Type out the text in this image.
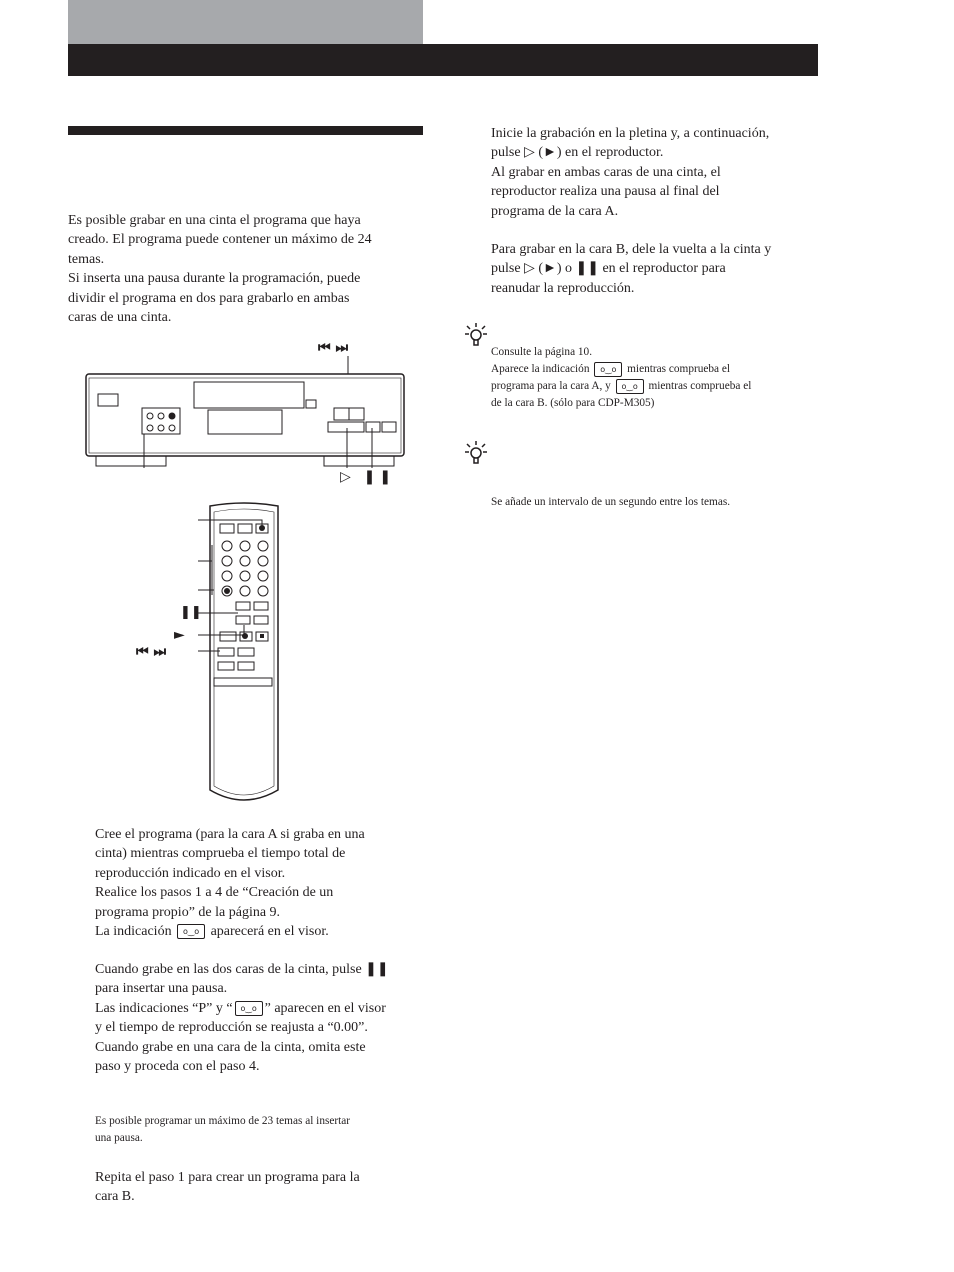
Es posible grabar en una cinta el programa que haya

creado. El programa puede contener un máximo de 24

temas.

Si inserta una pausa durante la programación, puede

dividir el programa en dos para grabarlo en ambas

caras de una cinta.

⏮ ⏭
▷ ❚❚
❚❚
►
⏮ ⏭

Cree el programa (para la cara A si graba en una

cinta) mientras comprueba el tiempo total de

reproducción indicado en el visor.

Realice los pasos 1 a 4 de “Creación de un

programa propio” de la página 9.

La indicación o‿o aparecerá en el visor.

Cuando grabe en las dos caras de la cinta, pulse ❚❚

para insertar una pausa.

Las indicaciones “P” y “ o‿o ” aparecen en el visor

y el tiempo de reproducción se reajusta a “0.00”.

Cuando grabe en una cara de la cinta, omita este

paso y proceda con el paso 4.

Es posible programar un máximo de 23 temas al insertar

una pausa.

Repita el paso 1 para crear un programa para la

cara B.

Inicie la grabación en la pletina y, a continuación,

pulse ▷ (►) en el reproductor.

Al grabar en ambas caras de una cinta, el

reproductor realiza una pausa al final del

programa de la cara A.

Para grabar en la cara B, dele la vuelta a la cinta y

pulse ▷ (►) o ❚❚ en el reproductor para

reanudar la reproducción.

Consulte la página 10.

Aparece la indicación o‿o mientras comprueba el

programa para la cara A, y o‿o mientras comprueba el

de la cara B. (sólo para CDP-M305)

Se añade un intervalo de un segundo entre los temas.
